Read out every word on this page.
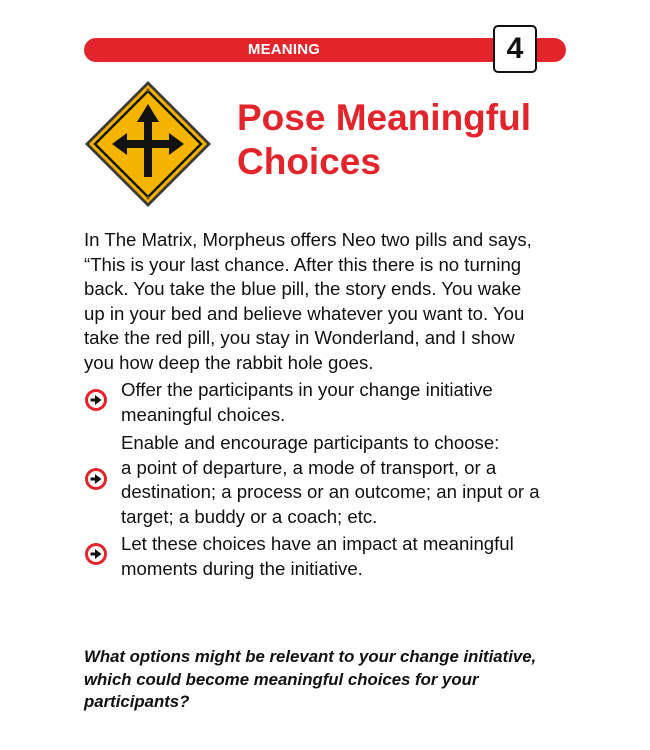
MEANING	4
Pose Meaningful
Choices

In The Matrix, Morpheus offers Neo two pills and says,
“This is your last chance. After this there is no turning
back. You take the blue pill, the story ends. You wake
up in your bed and believe whatever you want to. You
take the red pill, you stay in Wonderland, and I show
you how deep the rabbit hole goes.

Offer the participants in your change initiative
meaningful choices.

Enable and encourage participants to choose:
a point of departure, a mode of transport, or a
destination; a process or an outcome; an input or a
target; a buddy or a coach; etc.

Let these choices have an impact at meaningful
moments during the initiative.

What options might be relevant to your change initiative,
which could become meaningful choices for your
participants?
